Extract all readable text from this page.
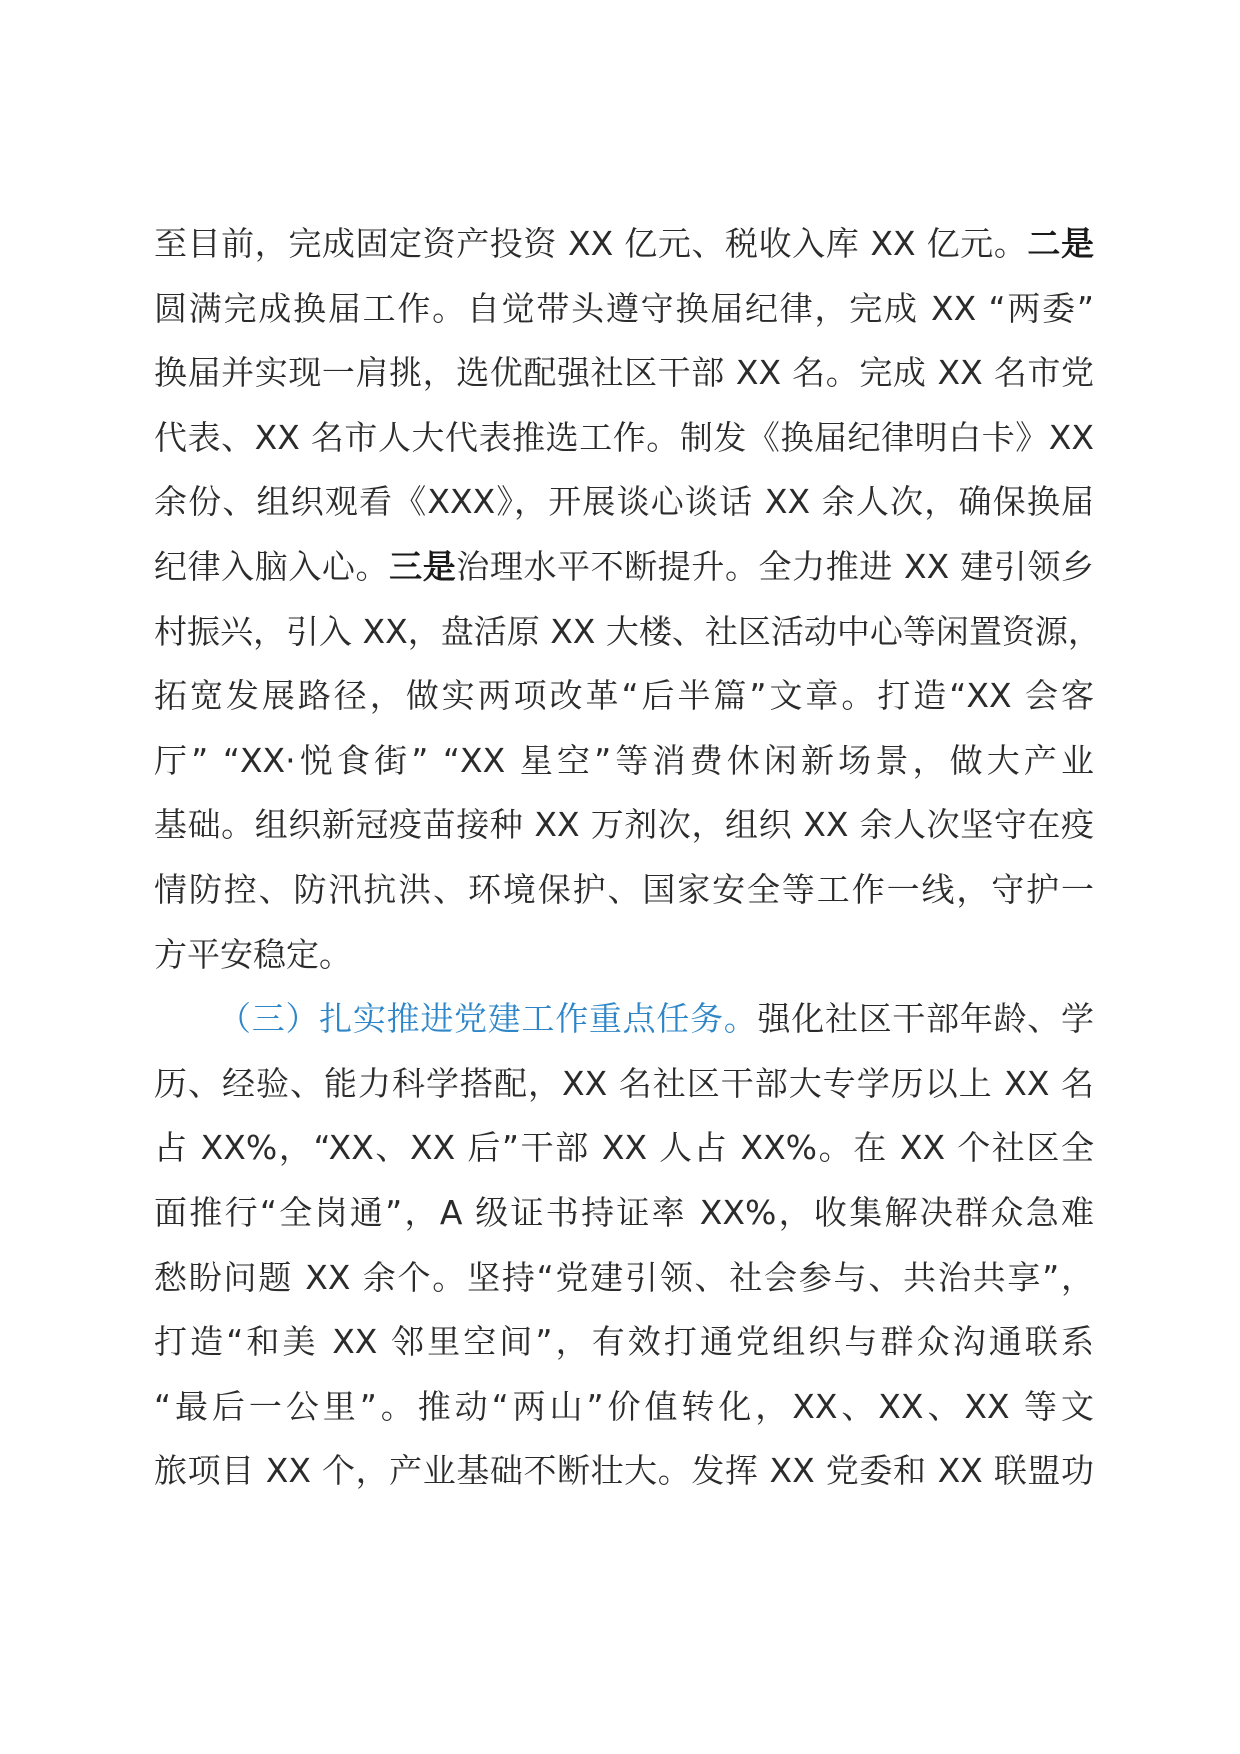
至目前，完成固定资产投资 XX 亿元、税收入库 XX 亿元。二是
圆满完成换届工作。自觉带头遵守换届纪律，完成 XX “两委”
换届并实现一肩挑，选优配强社区干部 XX 名。完成 XX 名市党
代表、XX 名市人大代表推选工作。制发《换届纪律明白卡》XX
余份、组织观看《XXX》，开展谈心谈话 XX 余人次，确保换届
纪律入脑入心。三是治理水平不断提升。全力推进 XX 建引领乡
村振兴，引入 XX，盘活原 XX 大楼、社区活动中心等闲置资源，
拓宽发展路径，做实两项改革“后半篇”文章。打造“XX 会客
厅” “XX·悦食街” “XX 星空”等消费休闲新场景，做大产业
基础。组织新冠疫苗接种 XX 万剂次，组织 XX 余人次坚守在疫
情防控、防汛抗洪、环境保护、国家安全等工作一线，守护一
方平安稳定。
（三）扎实推进党建工作重点任务。强化社区干部年龄、学
历、经验、能力科学搭配，XX 名社区干部大专学历以上 XX 名
占 XX%，“XX、XX 后”干部 XX 人占 XX%。在 XX 个社区全
面推行“全岗通”，A 级证书持证率 XX%，收集解决群众急难
愁盼问题 XX 余个。坚持“党建引领、社会参与、共治共享”，
打造“和美 XX 邻里空间”，有效打通党组织与群众沟通联系
“最后一公里”。推动“两山”价值转化，XX、XX、XX 等文
旅项目 XX 个，产业基础不断壮大。发挥 XX 党委和 XX 联盟功
